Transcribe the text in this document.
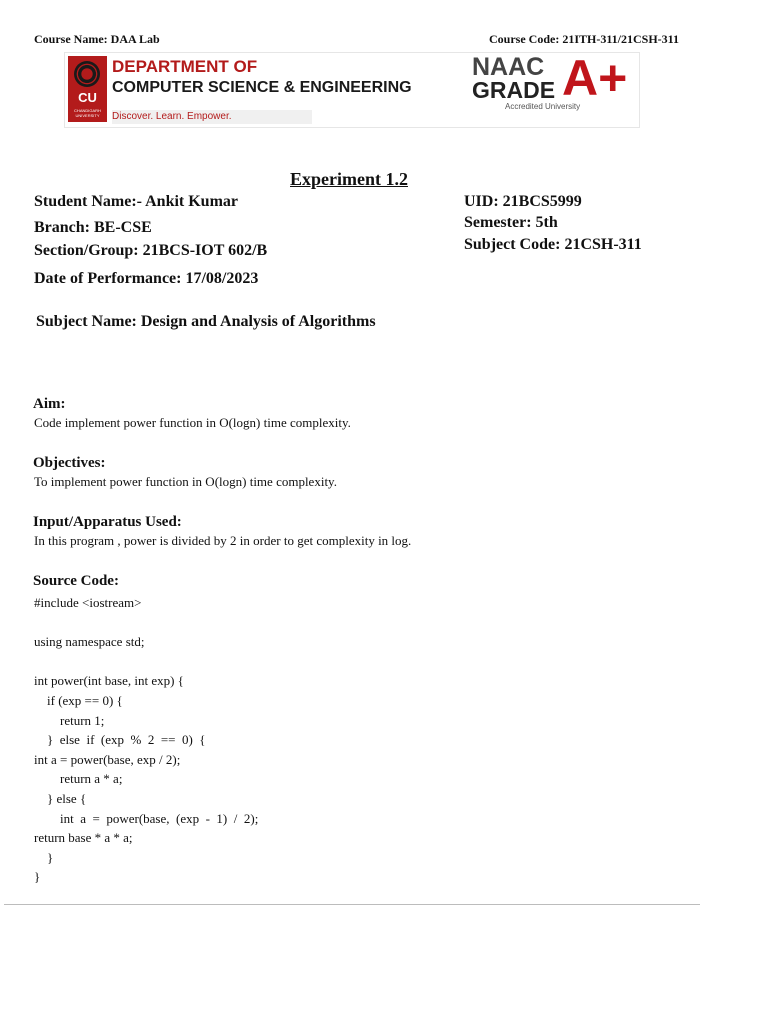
Course Name: DAA Lab	Course Code: 21ITH-311/21CSH-311
CU
CHANDIGARH UNIVERSITY
DEPARTMENT OF
COMPUTER SCIENCE & ENGINEERING
Discover. Learn. Empower.
NAAC
GRADE A+
Accredited University
Experiment 1.2
Student Name:- Ankit Kumar
Branch: BE-CSE
Section/Group: 21BCS-IOT 602/B
Date of Performance: 17/08/2023
Subject Name: Design and Analysis of Algorithms
UID: 21BCS5999
Semester: 5th
Subject Code: 21CSH-311
Aim:
Code implement power function in O(logn) time complexity.
Objectives:
To implement power function in O(logn) time complexity.
Input/Apparatus Used:
In this program , power is divided by 2 in order to get complexity in log.
Source Code:
#include <iostream>

using namespace std;

int power(int base, int exp) {
if (exp == 0) {
return 1;
}  else  if  (exp  %  2  ==  0)  {
int a = power(base, exp / 2);
return a * a;
} else {
int  a  =  power(base,  (exp  -  1)  /  2);
return base * a * a;
}
}
